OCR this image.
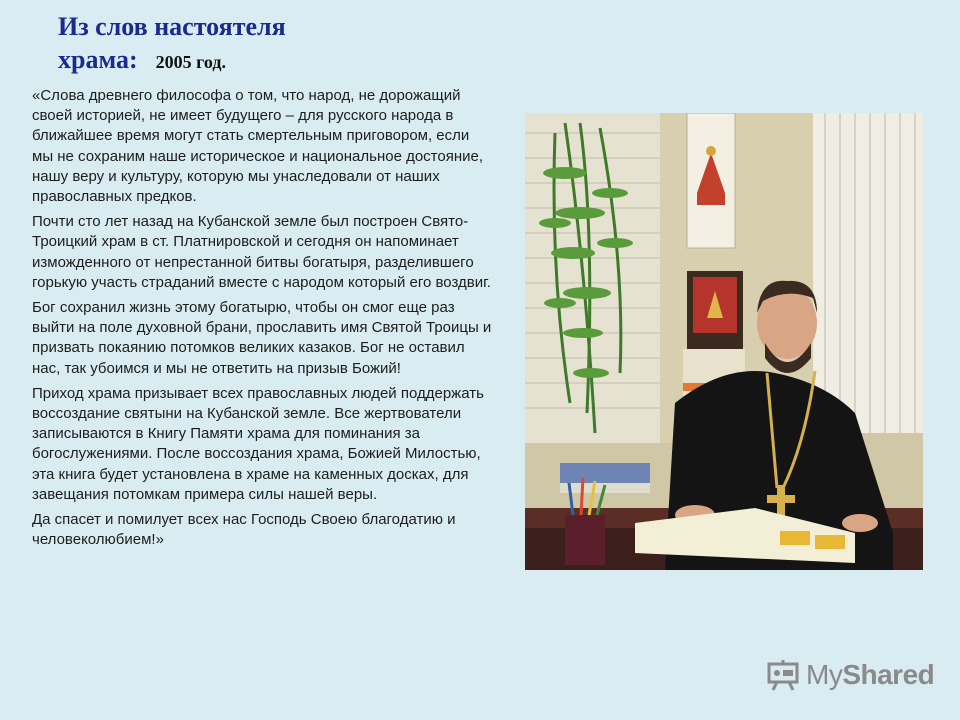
Из слов настоятеля
храма: 2005 год.

«Слова древнего философа о том, что народ, не дорожащий своей историей, не имеет будущего – для русского народа в ближайшее время могут стать смертельным приговором, если мы не сохраним наше историческое и национальное достояние, нашу веру и культуру, которую мы унаследовали от наших православных предков.

Почти сто лет назад на Кубанской земле был построен Свято-Троицкий храм в ст. Платнировской и сегодня он напоминает изможденного от непрестанной битвы богатыря, разделившего горькую участь страданий вместе с народом который его воздвиг.

Бог сохранил жизнь этому богатырю, чтобы он смог еще раз выйти на поле духовной брани, прославить имя Святой Троицы и призвать покаянию потомков великих казаков. Бог не оставил нас, так убоимся и мы не ответить на призыв Божий!

Приход храма призывает всех православных людей поддержать воссоздание святыни на Кубанской земле. Все жертвователи записываются в Книгу Памяти храма для поминания за богослужениями. После воссоздания храма, Божией Милостью, эта книга будет установлена в храме на каменных досках, для завещания потомкам примера силы нашей веры.

Да спасет и помилует всех нас Господь Своею благодатию и человеколюбием!»

MyShared
